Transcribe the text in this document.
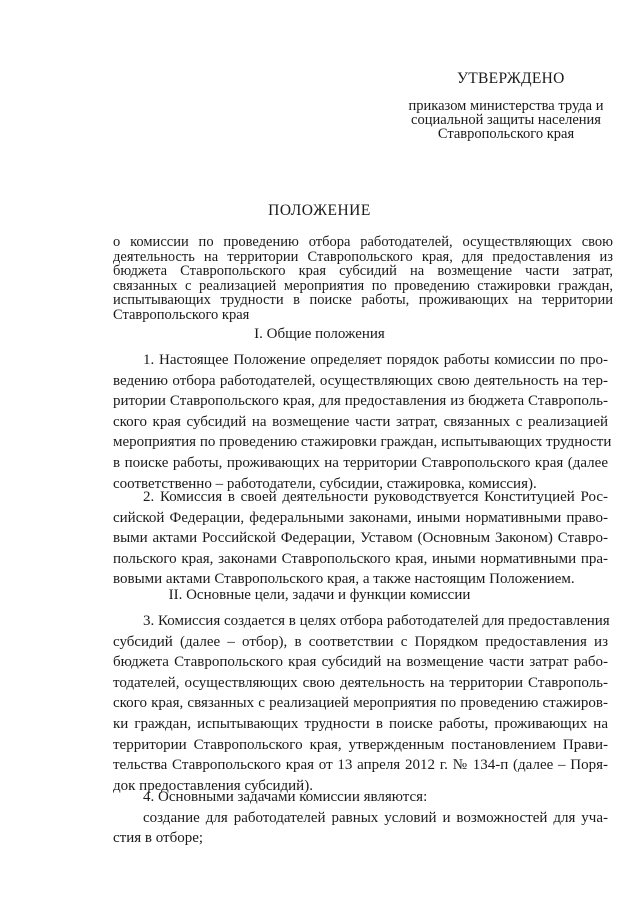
УТВЕРЖДЕНО
приказом министерства труда и
социальной защиты населения
Ставропольского края
ПОЛОЖЕНИЕ
о комиссии по проведению отбора работодателей, осуществляющих свою
деятельность на территории Ставропольского края, для предоставления из
бюджета Ставропольского края субсидий на возмещение части затрат,
связанных с реализацией мероприятия по проведению стажировки граждан,
испытывающих трудности в поиске работы, проживающих на территории
Ставропольского края
I. Общие положения
1. Настоящее Положение определяет порядок работы комиссии по про-
ведению отбора работодателей, осуществляющих свою деятельность на тер-
ритории Ставропольского края, для предоставления из бюджета Ставрополь-
ского края субсидий на возмещение части затрат, связанных с реализацией
мероприятия по проведению стажировки граждан, испытывающих трудности
в поиске работы, проживающих на территории Ставропольского края (далее
соответственно – работодатели, субсидии, стажировка, комиссия).
2. Комиссия в своей деятельности руководствуется Конституцией Рос-
сийской Федерации, федеральными законами, иными нормативными право-
выми актами Российской Федерации, Уставом (Основным Законом) Ставро-
польского края, законами Ставропольского края, иными нормативными пра-
вовыми актами Ставропольского края, а также настоящим Положением.
II. Основные цели, задачи и функции комиссии
3. Комиссия создается в целях отбора работодателей для предоставления
субсидий (далее – отбор), в соответствии с Порядком предоставления из
бюджета Ставропольского края субсидий на возмещение части затрат рабо-
тодателей, осуществляющих свою деятельность на территории Ставрополь-
ского края, связанных с реализацией мероприятия по проведению стажиров-
ки граждан, испытывающих трудности в поиске работы, проживающих на
территории Ставропольского края, утвержденным постановлением Прави-
тельства Ставропольского края от 13 апреля 2012 г. № 134-п (далее – Поря-
док предоставления субсидий).
4. Основными задачами комиссии являются:
создание для работодателей равных условий и возможностей для уча-
стия в отборе;
